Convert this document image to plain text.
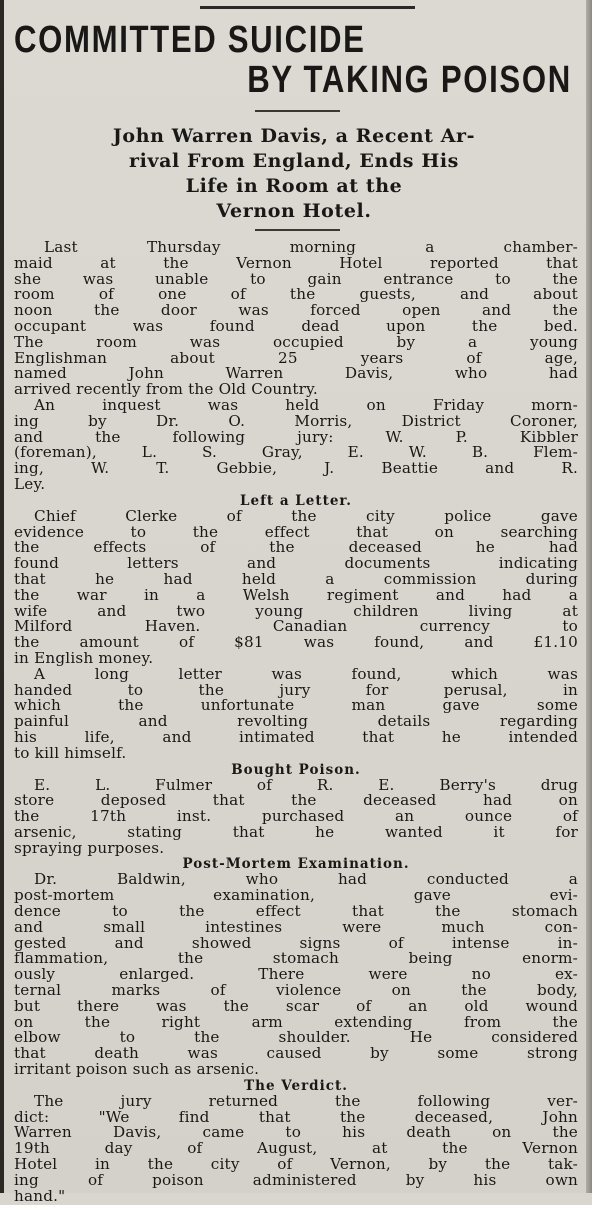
COMMITTED SUICIDE
BY TAKING POISON
John Warren Davis, a Recent Ar-
rival From England, Ends His
Life in Room at the
Vernon Hotel.
Last Thursday morning a chamber-
maid at the Vernon Hotel reported that
she was unable to gain entrance to the
room of one of the guests, and about
noon the door was forced open and the
occupant was found dead upon the bed.
The room was occupied by a young
Englishman about 25 years of age,
named John Warren Davis, who had
arrived recently from the Old Country.
An inquest was held on Friday morn-
ing by Dr. O. Morris, District Coroner,
and the following jury: W. P. Kibbler
(foreman), L. S. Gray, E. W. B. Flem-
ing, W. T. Gebbie, J. Beattie and R.
Ley.
Left a Letter.
Chief Clerke of the city police gave
evidence to the effect that on searching
the effects of the deceased he had
found letters and documents indicating
that he had held a commission during
the war in a Welsh regiment and had a
wife and two young children living at
Milford Haven. Canadian currency to
the amount of $81 was found, and £1.10
in English money.
A long letter was found, which was
handed to the jury for perusal, in
which the unfortunate man gave some
painful and revolting details regarding
his life, and intimated that he intended
to kill himself.
Bought Poison.
E. L. Fulmer of R. E. Berry's drug
store deposed that the deceased had on
the 17th inst. purchased an ounce of
arsenic, stating that he wanted it for
spraying purposes.
Post-Mortem Examination.
Dr. Baldwin, who had conducted a
post-mortem examination, gave evi-
dence to the effect that the stomach
and small intestines were much con-
gested and showed signs of intense in-
flammation, the stomach being enorm-
ously enlarged. There were no ex-
ternal marks of violence on the body,
but there was the scar of an old wound
on the right arm extending from the
elbow to the shoulder. He considered
that death was caused by some strong
irritant poison such as arsenic.
The Verdict.
The jury returned the following ver-
dict: "We find that the deceased, John
Warren Davis, came to his death on the
19th day of August, at the Vernon
Hotel in the city of Vernon, by the tak-
ing of poison administered by his own
hand."
